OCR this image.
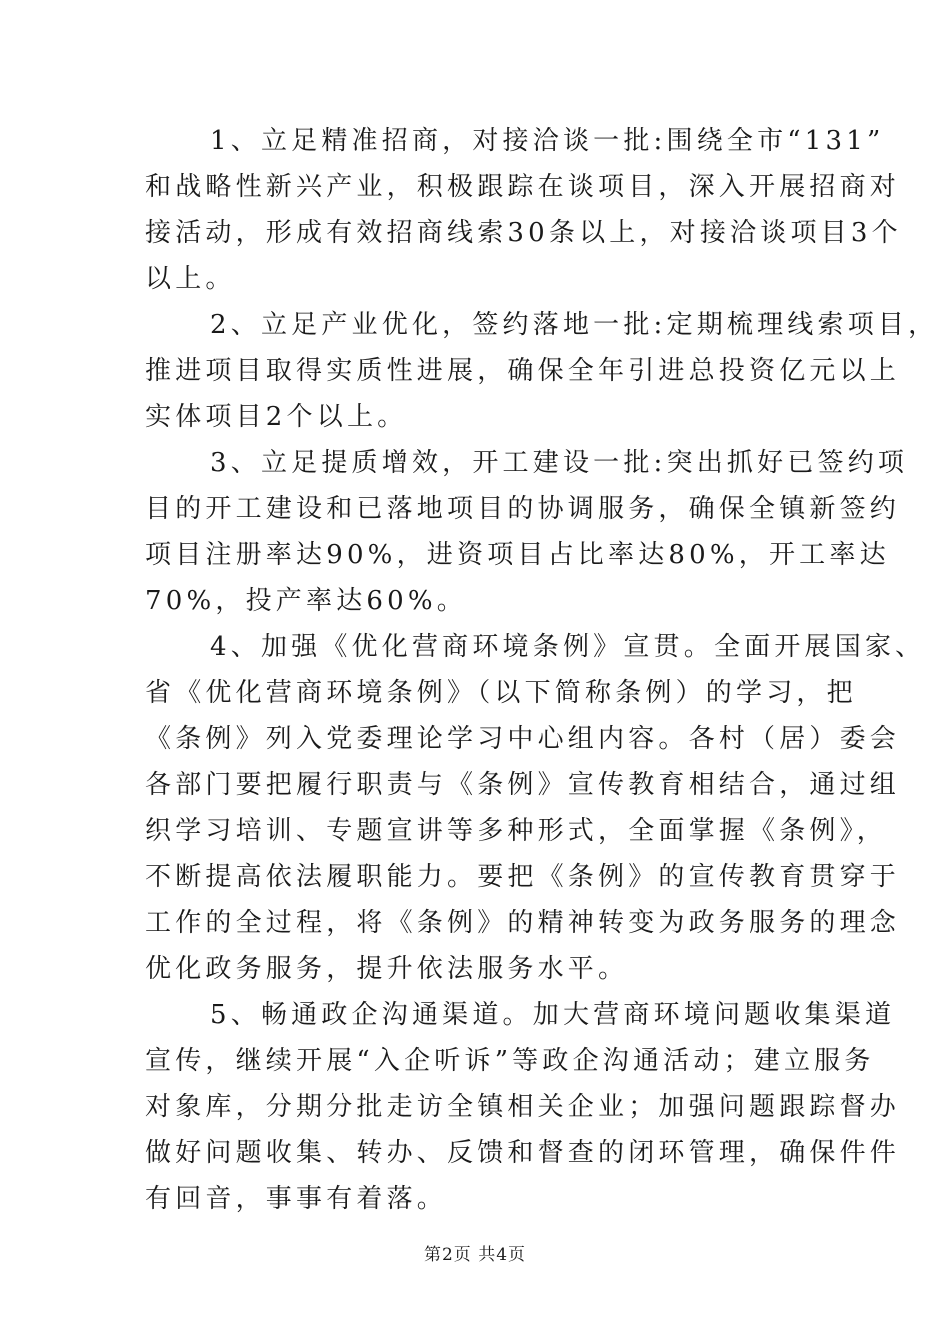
1、立足精准招商，对接洽谈一批:围绕全市“131”
和战略性新兴产业，积极跟踪在谈项目，深入开展招商对
接活动，形成有效招商线索30条以上，对接洽谈项目3个
以上。
2、立足产业优化，签约落地一批:定期梳理线索项目，
推进项目取得实质性进展，确保全年引进总投资亿元以上
实体项目2个以上。
3、立足提质增效，开工建设一批:突出抓好已签约项
目的开工建设和已落地项目的协调服务，确保全镇新签约
项目注册率达90%，进资项目占比率达80%，开工率达
70%，投产率达60%。
4、加强《优化营商环境条例》宣贯。全面开展国家、
省《优化营商环境条例》（以下简称条例）的学习，把
《条例》列入党委理论学习中心组内容。各村（居）委会
各部门要把履行职责与《条例》宣传教育相结合，通过组
织学习培训、专题宣讲等多种形式，全面掌握《条例》，
不断提高依法履职能力。要把《条例》的宣传教育贯穿于
工作的全过程，将《条例》的精神转变为政务服务的理念
优化政务服务，提升依法服务水平。
5、畅通政企沟通渠道。加大营商环境问题收集渠道
宣传，继续开展“入企听诉”等政企沟通活动；建立服务
对象库，分期分批走访全镇相关企业；加强问题跟踪督办
做好问题收集、转办、反馈和督查的闭环管理，确保件件
有回音，事事有着落。
第2页 共4页
